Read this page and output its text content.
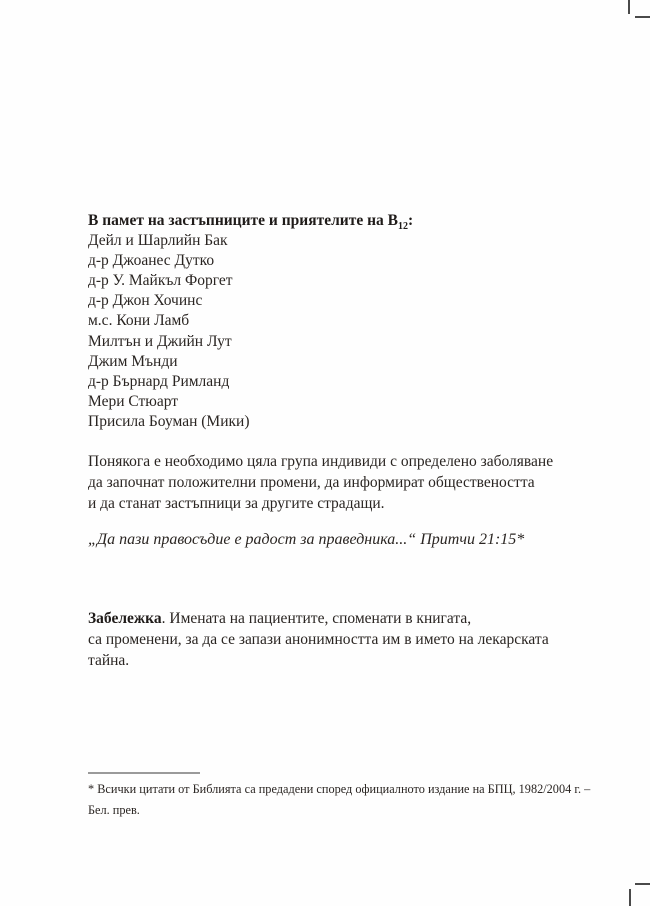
В памет на застъпниците и приятелите на $В_{12}$:
Дейл и Шарлийн Бак
д-р Джоанес Дутко
д-р У. Майкъл Форгет
д-р Джон Хочинс
м.с. Кони Ламб
Милтън и Джийн Лут
Джим Мънди
д-р Бърнард Римланд
Мери Стюарт
Присила Боуман (Мики)
Понякога е необходимо цяла група индивиди с определено заболяване
да започнат положителни промени, да информират обществеността
и да станат застъпници за другите страдащи.
„Да пази правосъдие е радост за праведника...“ Притчи 21:15*
Забележка. Имената на пациентите, споменати в книгата,
са променени, за да се запази анонимността им в името на лекарската
тайна.
* Всички цитати от Библията са предадени според официалното издание на БПЦ, 1982/2004 г. –
Бел. прев.
